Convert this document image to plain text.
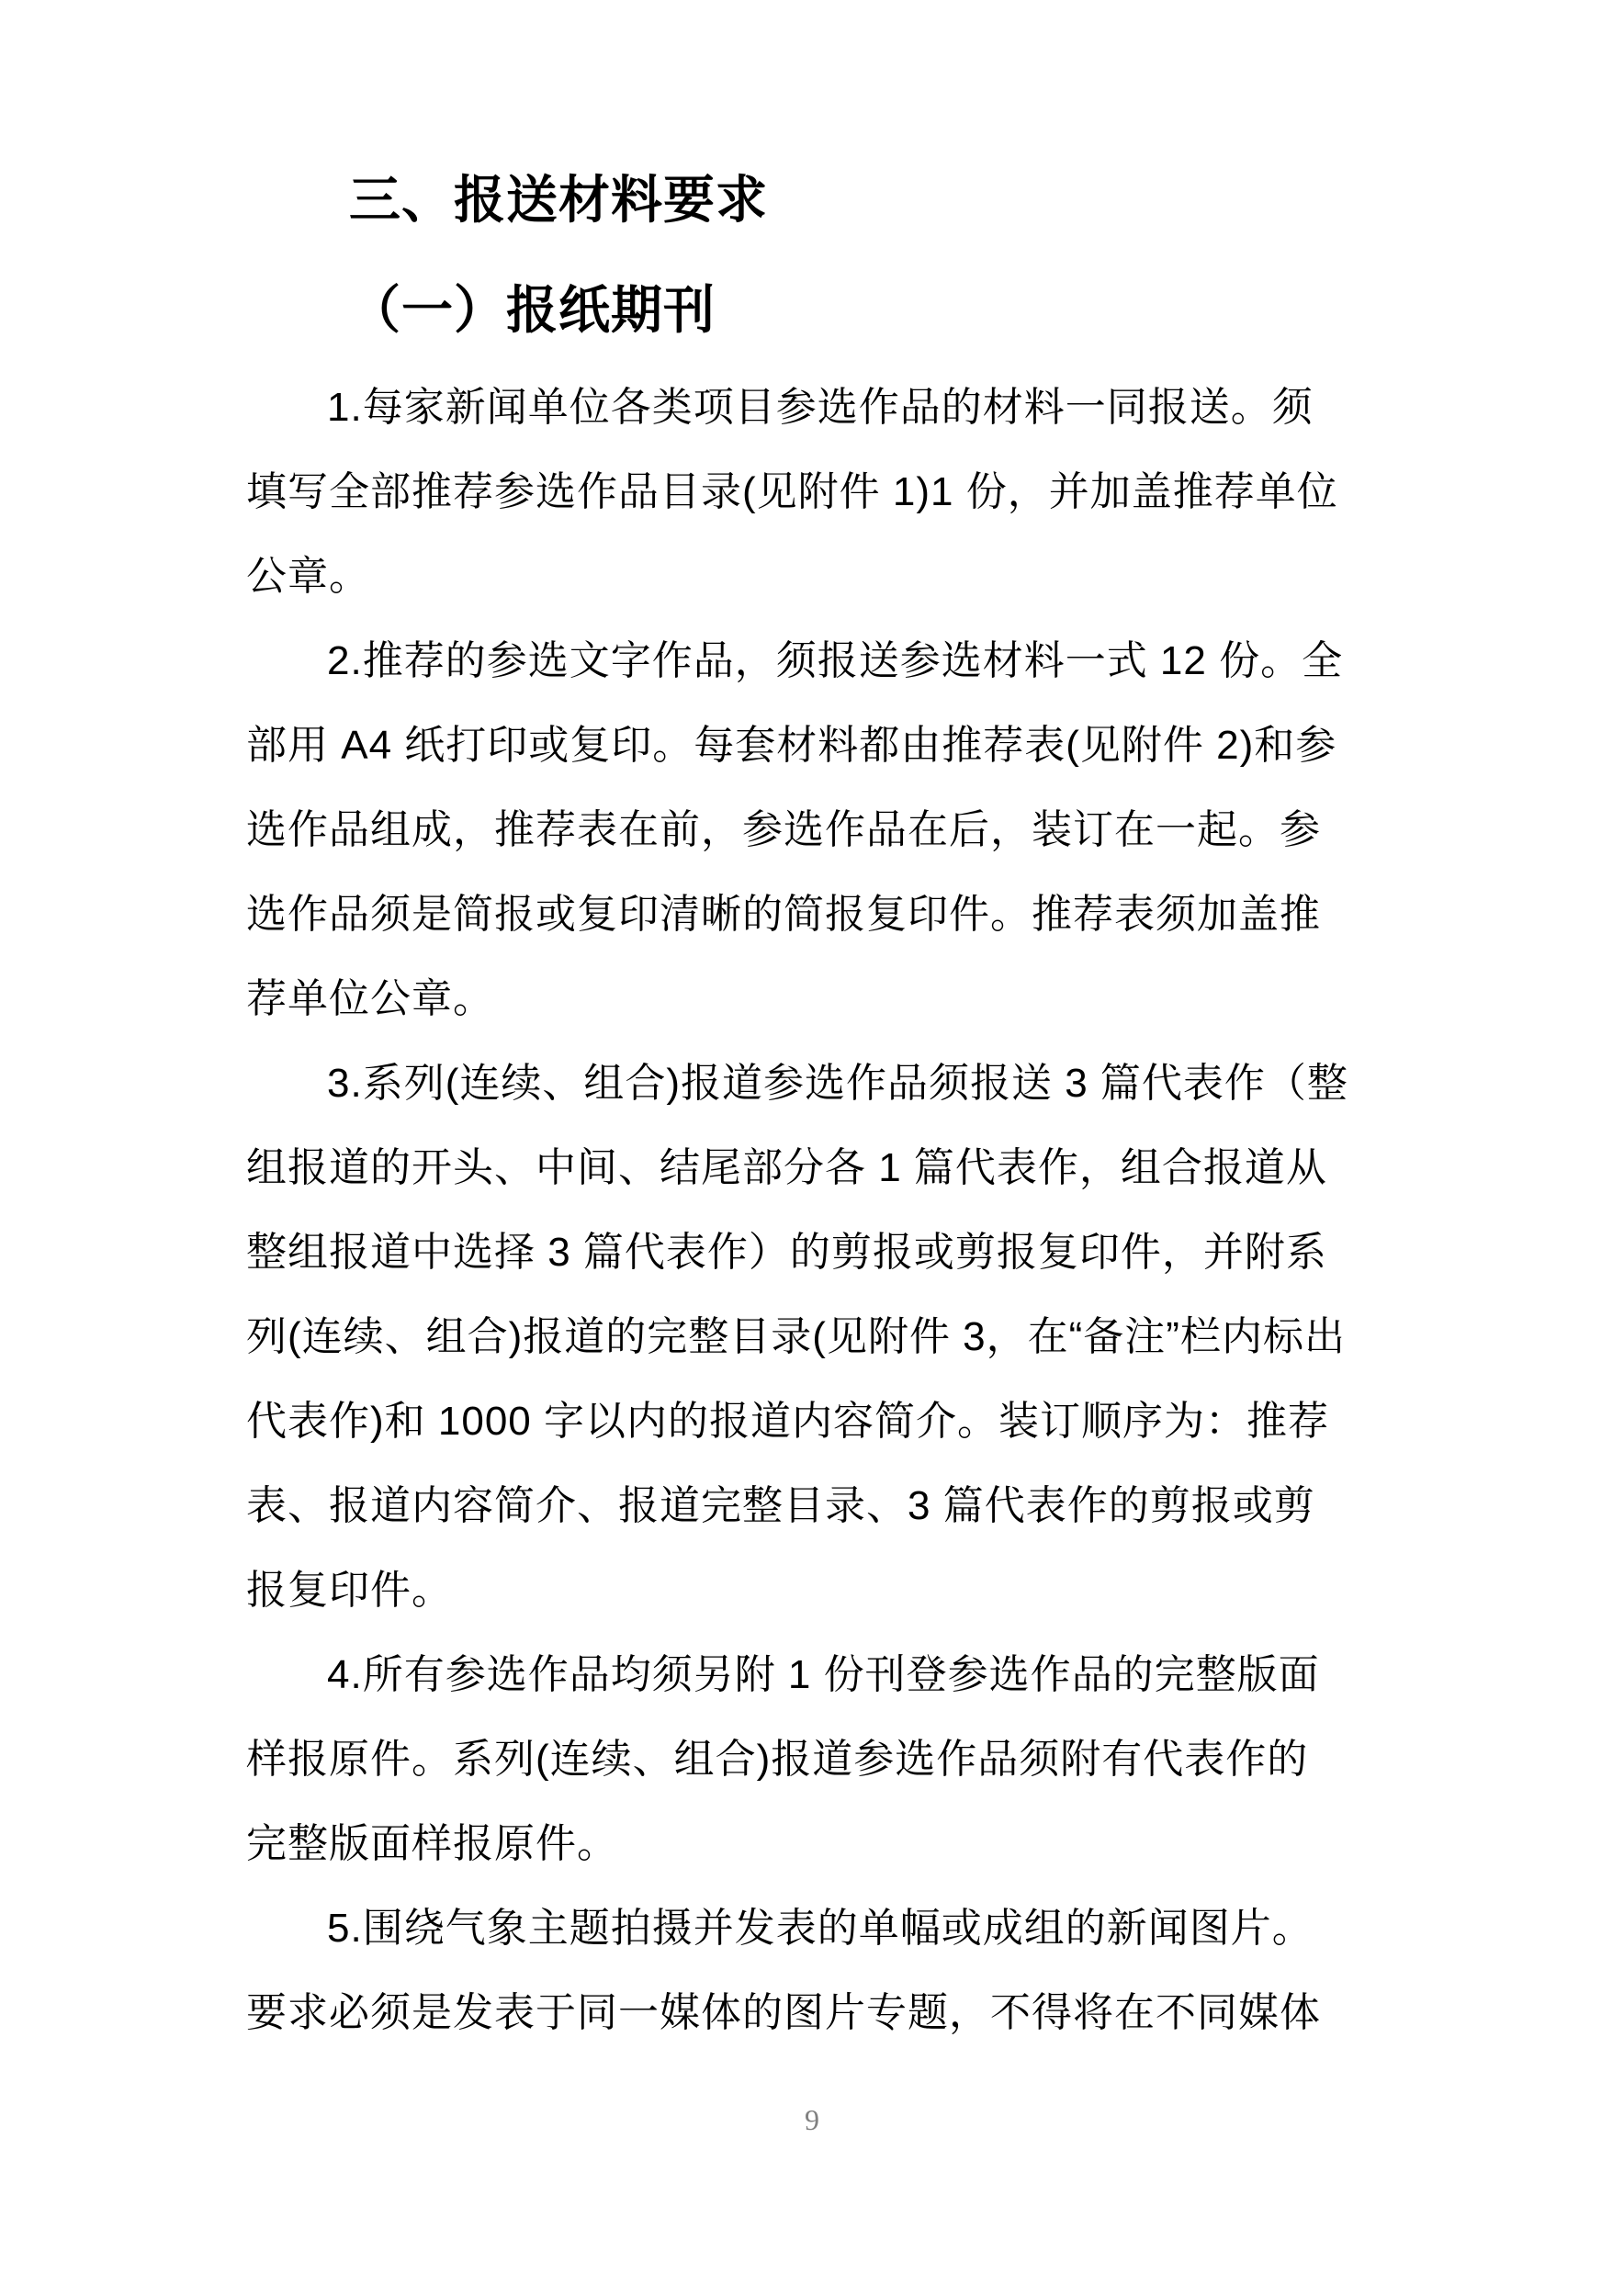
三、报送材料要求
（一）报纸期刊
1.每家新闻单位各类项目参选作品的材料一同报送。须
填写全部推荐参选作品目录(见附件 1)1 份，并加盖推荐单位
公章。
2.推荐的参选文字作品，须报送参选材料一式 12 份。全
部用 A4 纸打印或复印。每套材料都由推荐表(见附件 2)和参
选作品组成，推荐表在前，参选作品在后，装订在一起。参
选作品须是简报或复印清晰的简报复印件。推荐表须加盖推
荐单位公章。
3.系列(连续、组合)报道参选作品须报送 3 篇代表作（整
组报道的开头、中间、结尾部分各 1 篇代表作，组合报道从
整组报道中选择 3 篇代表作）的剪报或剪报复印件，并附系
列(连续、组合)报道的完整目录(见附件 3，在“备注”栏内标出
代表作)和 1000 字以内的报道内容简介。装订顺序为：推荐
表、报道内容简介、报道完整目录、3 篇代表作的剪报或剪
报复印件。
4.所有参选作品均须另附 1 份刊登参选作品的完整版面
样报原件。系列(连续、组合)报道参选作品须附有代表作的
完整版面样报原件。
5.围绕气象主题拍摄并发表的单幅或成组的新闻图片。
要求必须是发表于同一媒体的图片专题，不得将在不同媒体
9
